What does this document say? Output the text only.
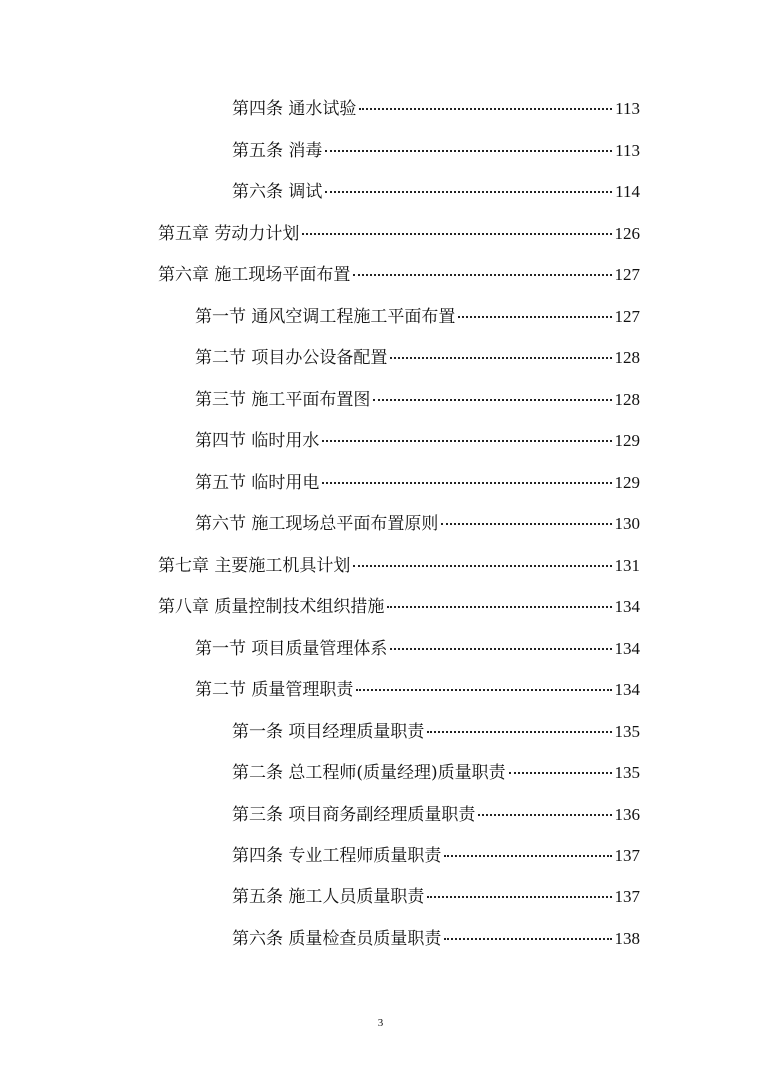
第四条 通水试验	113
第五条 消毒	113
第六条 调试	114
第五章 劳动力计划	126
第六章 施工现场平面布置	127
第一节 通风空调工程施工平面布置	127
第二节 项目办公设备配置	128
第三节 施工平面布置图	128
第四节 临时用水	129
第五节 临时用电	129
第六节 施工现场总平面布置原则	130
第七章 主要施工机具计划	131
第八章 质量控制技术组织措施	134
第一节 项目质量管理体系	134
第二节 质量管理职责	134
第一条 项目经理质量职责	135
第二条 总工程师(质量经理)质量职责	135
第三条 项目商务副经理质量职责	136
第四条 专业工程师质量职责	137
第五条 施工人员质量职责	137
第六条 质量检查员质量职责	138
3
